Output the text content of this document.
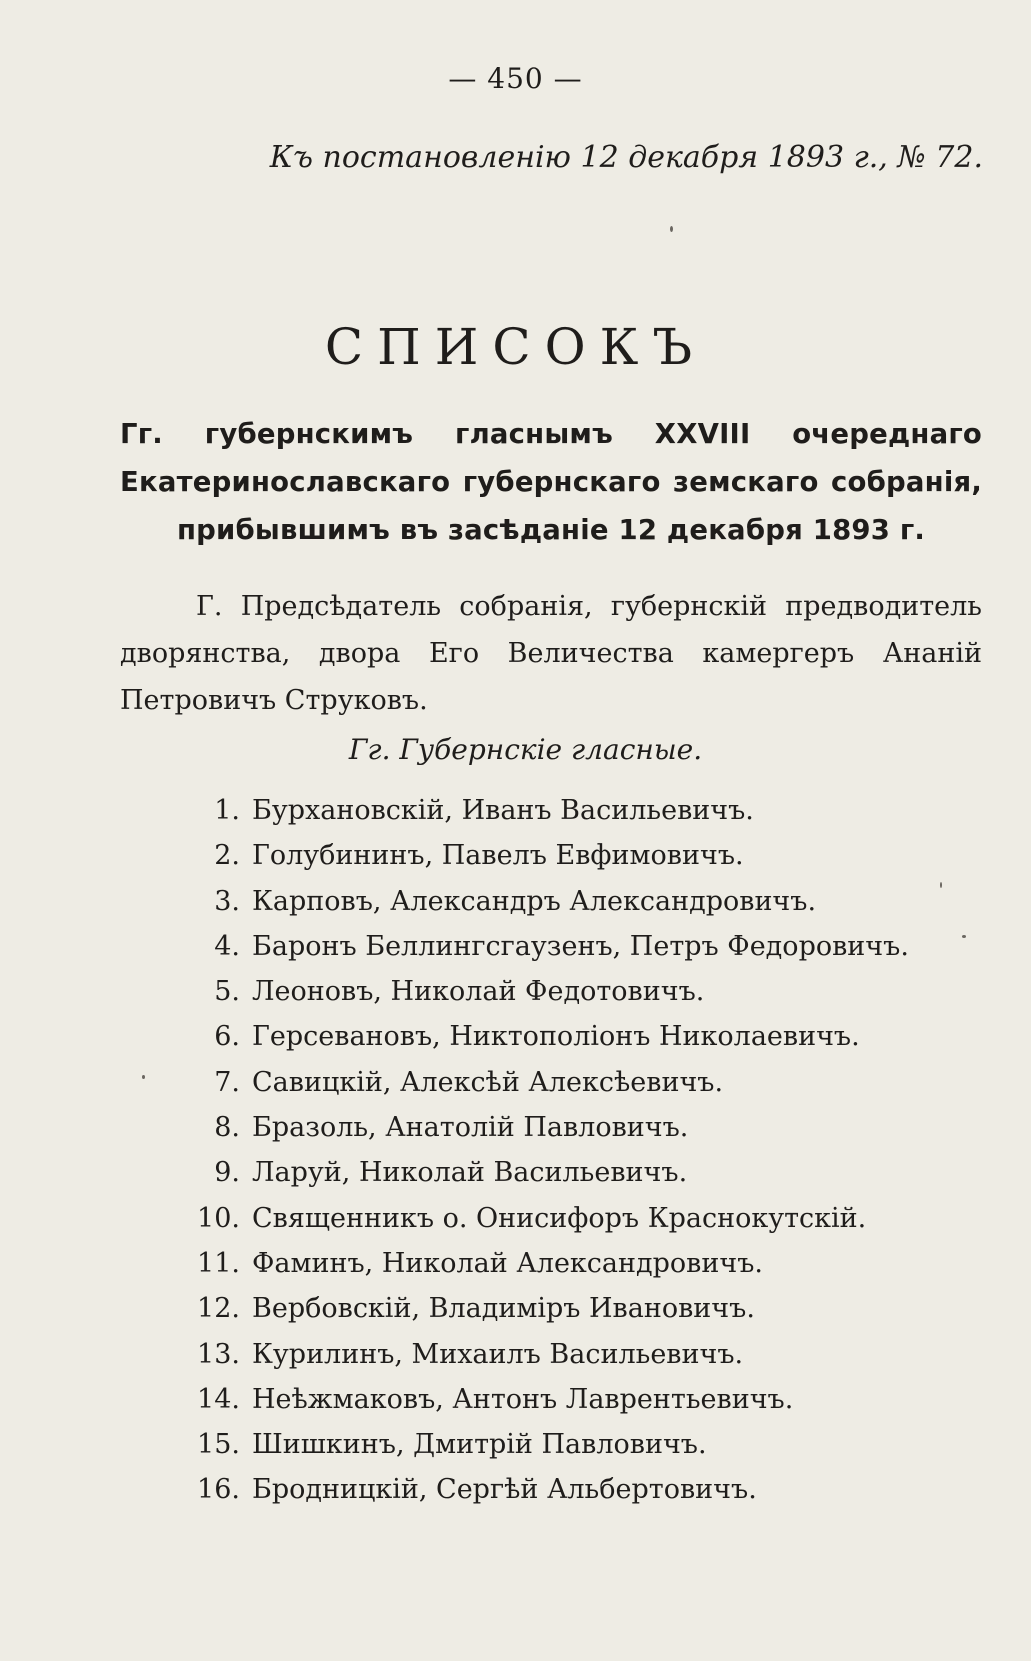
— 450 —
Къ постановленію 12 декабря 1893 г., № 72.
СПИСОКЪ
Гг. губернскимъ гласнымъ XXVIII очереднаго Екатеринославскаго губернскаго земскаго собранія, прибывшимъ въ засѣданіе 12 декабря 1893 г.
Г. Предсѣдатель собранія, губернскій предводитель дворянства, двора Его Величества камергеръ Ананій Петровичъ Струковъ.
Гг. Губернскіе гласные.
1. Бурхановскій, Иванъ Васильевичъ.
2. Голубининъ, Павелъ Евфимовичъ.
3. Карповъ, Александръ Александровичъ.
4. Баронъ Беллингсгаузенъ, Петръ Федоровичъ.
5. Леоновъ, Николай Федотовичъ.
6. Герсевановъ, Никтополіонъ Николаевичъ.
7. Савицкій, Алексѣй Алексѣевичъ.
8. Бразоль, Анатолій Павловичъ.
9. Ларуй, Николай Васильевичъ.
10. Священникъ о. Онисифоръ Краснокутскій.
11. Фаминъ, Николай Александровичъ.
12. Вербовскій, Владиміръ Ивановичъ.
13. Курилинъ, Михаилъ Васильевичъ.
14. Неѣжмаковъ, Антонъ Лаврентьевичъ.
15. Шишкинъ, Дмитрій Павловичъ.
16. Бродницкій, Сергѣй Альбертовичъ.
